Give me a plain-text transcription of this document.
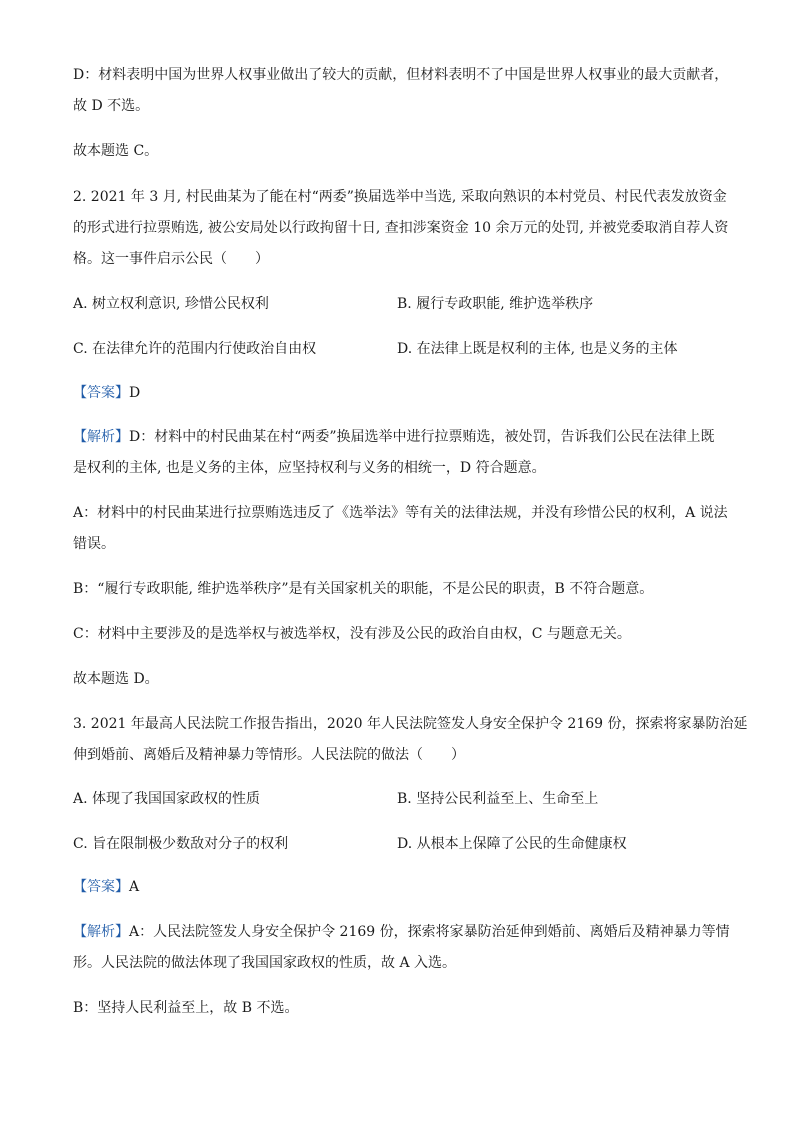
D：材料表明中国为世界人权事业做出了较大的贡献，但材料表明不了中国是世界人权事业的最大贡献者，
故 D 不选。
故本题选 C。
2. 2021 年 3 月, 村民曲某为了能在村“两委”换届选举中当选, 采取向熟识的本村党员、村民代表发放资金
的形式进行拉票贿选, 被公安局处以行政拘留十日, 查扣涉案资金 10 余万元的处罚, 并被党委取消自荐人资
格。这一事件启示公民（　　）
A. 树立权利意识, 珍惜公民权利	B. 履行专政职能, 维护选举秩序
C. 在法律允许的范围内行使政治自由权	D. 在法律上既是权利的主体, 也是义务的主体
【答案】D
【解析】D：材料中的村民曲某在村“两委”换届选举中进行拉票贿选，被处罚，告诉我们公民在法律上既
是权利的主体, 也是义务的主体，应坚持权利与义务的相统一，D 符合题意。
A：材料中的村民曲某进行拉票贿选违反了《选举法》等有关的法律法规，并没有珍惜公民的权利，A 说法
错误。
B：“履行专政职能, 维护选举秩序”是有关国家机关的职能，不是公民的职责，B 不符合题意。
C：材料中主要涉及的是选举权与被选举权，没有涉及公民的政治自由权，C 与题意无关。
故本题选 D。
3. 2021 年最高人民法院工作报告指出，2020 年人民法院签发人身安全保护令 2169 份，探索将家暴防治延
伸到婚前、离婚后及精神暴力等情形。人民法院的做法（　　）
A. 体现了我国国家政权的性质	B. 坚持公民利益至上、生命至上
C. 旨在限制极少数敌对分子的权利	D. 从根本上保障了公民的生命健康权
【答案】A
【解析】A：人民法院签发人身安全保护令 2169 份，探索将家暴防治延伸到婚前、离婚后及精神暴力等情
形。人民法院的做法体现了我国国家政权的性质，故 A 入选。
B：坚持人民利益至上，故 B 不选。
